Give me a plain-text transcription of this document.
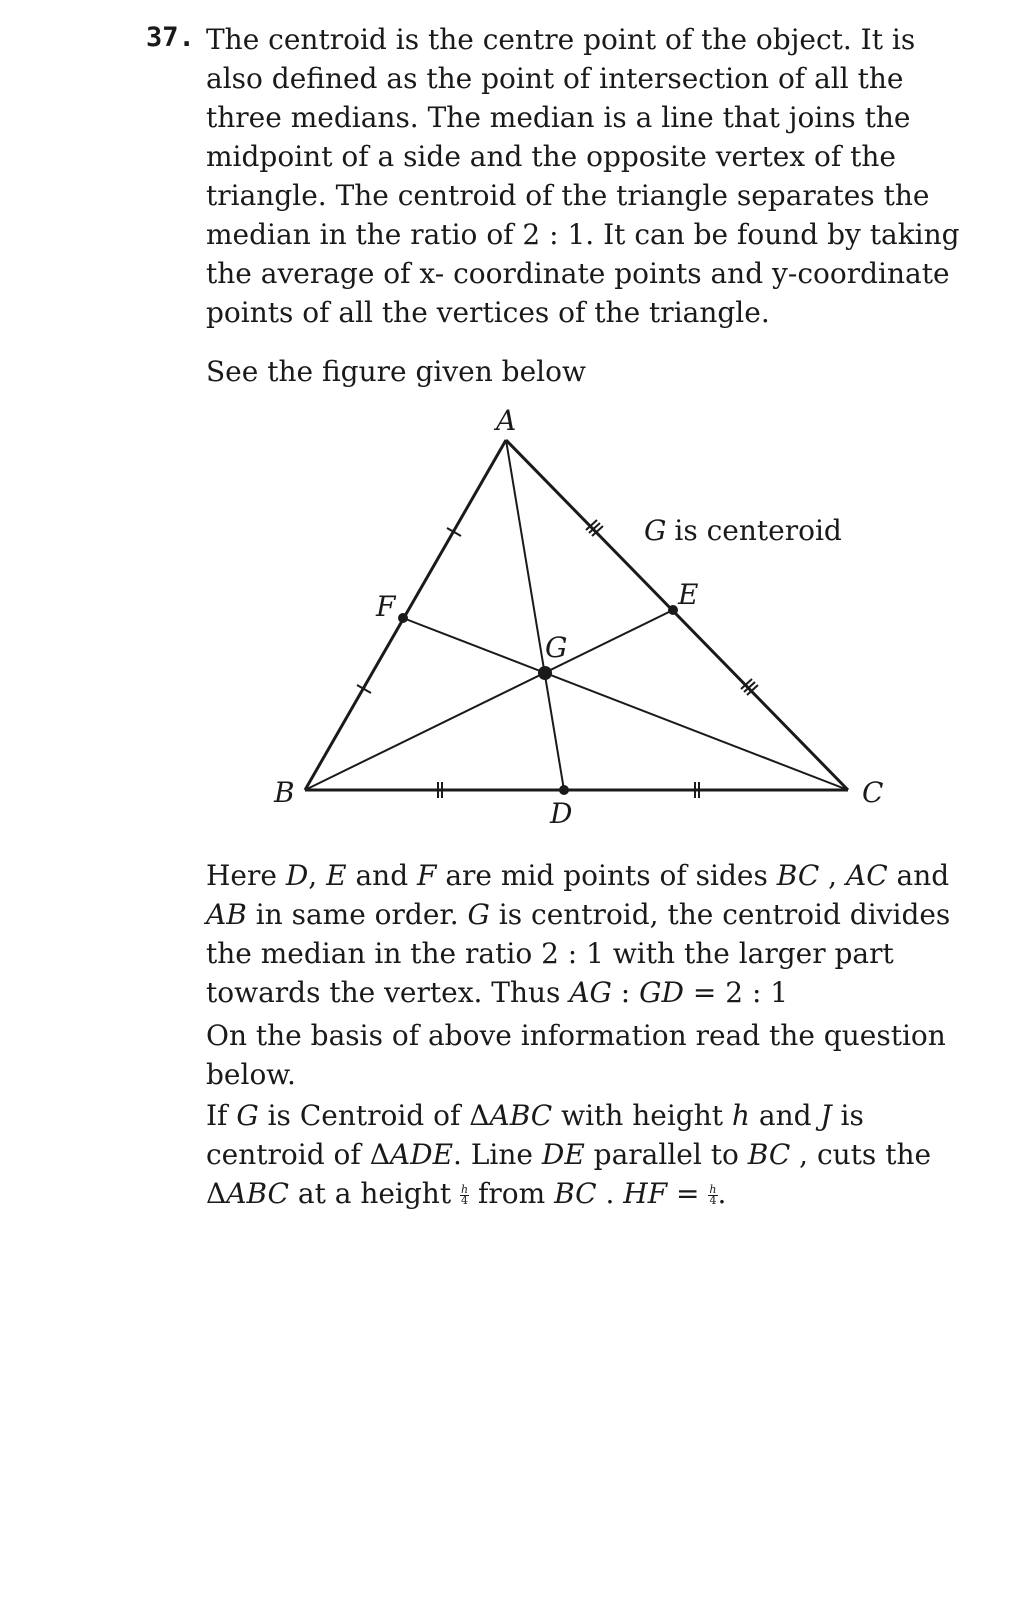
37. The centroid is the centre point of the object. It is also defined as the point of intersection of all the three medians. The median is a line that joins the midpoint of a side and the opposite vertex of the triangle. The centroid of the triangle separates the median in the ratio of 2 : 1. It can be found by taking the average of x- coordinate points and y-coordinate points of all the vertices of the triangle.

See the figure given below

A
B	C
D
E
F
G
G is centeroid

Here D, E and F are mid points of sides BC , AC and AB in same order. G is centroid, the centroid divides the median in the ratio 2 : 1 with the larger part towards the vertex. Thus AG : GD = 2 : 1

On the basis of above information read the question below.

If G is Centroid of ΔABC with height h and J is centroid of ΔADE. Line DE parallel to BC , cuts the ΔABC at a height $\frac{h}{4}$ from BC . HF = $\frac{h}{4}$ .
